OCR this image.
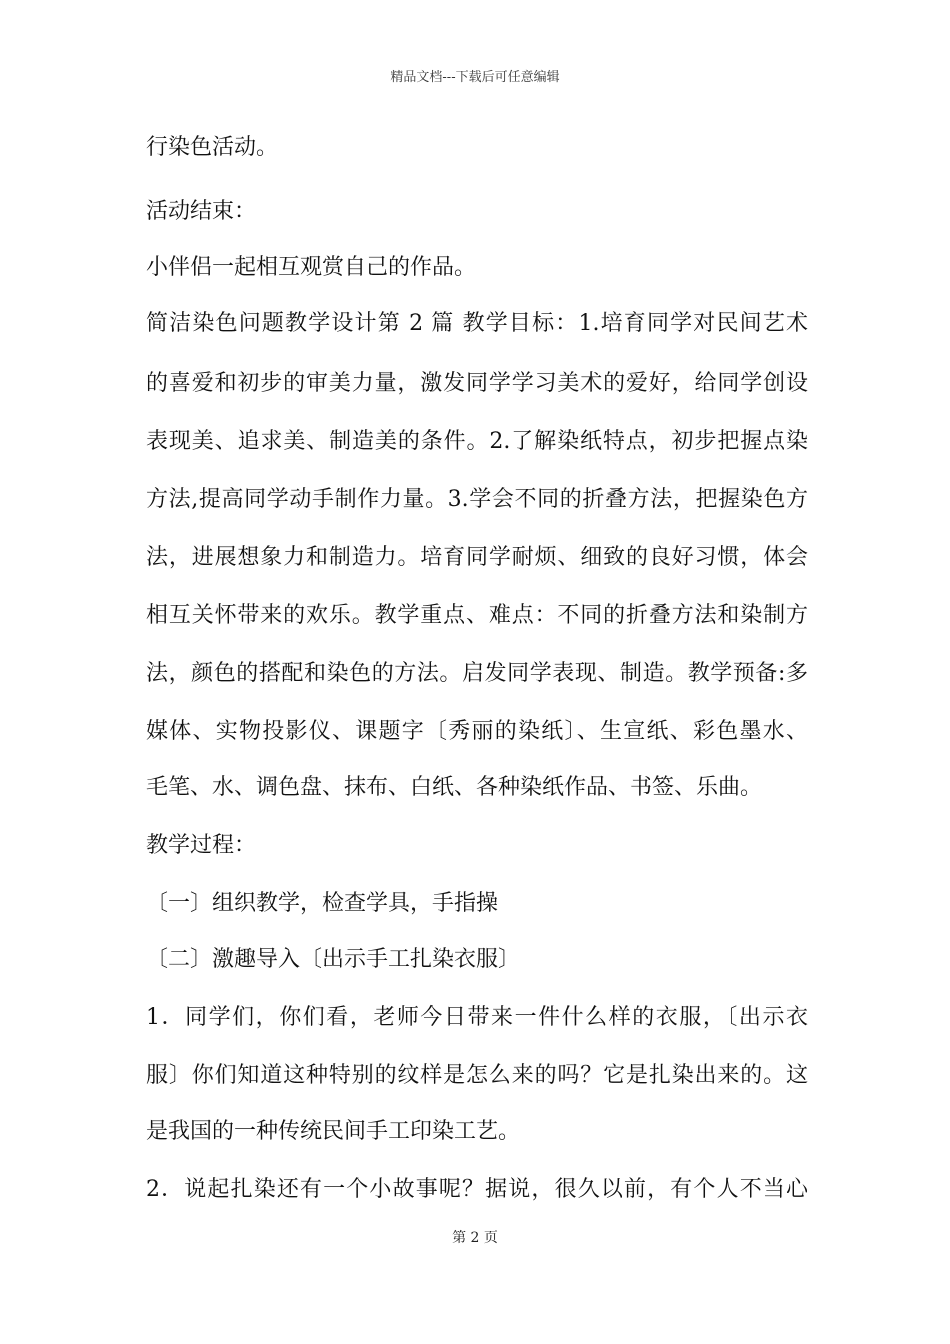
精品文档---下载后可任意编辑
行染色活动。
活动结束：
小伴侣一起相互观赏自己的作品。
简洁染色问题教学设计第 2 篇 教学目标：1.培育同学对民间艺术
的喜爱和初步的审美力量，激发同学学习美术的爱好，给同学创设
表现美、追求美、制造美的条件。2.了解染纸特点，初步把握点染
方法,提高同学动手制作力量。3.学会不同的折叠方法，把握染色方
法，进展想象力和制造力。培育同学耐烦、细致的良好习惯，体会
相互关怀带来的欢乐。教学重点、难点：不同的折叠方法和染制方
法，颜色的搭配和染色的方法。启发同学表现、制造。教学预备:多
媒体、实物投影仪、课题字〔秀丽的染纸〕、生宣纸、彩色墨水、
毛笔、水、调色盘、抹布、白纸、各种染纸作品、书签、乐曲。
教学过程：
〔一〕组织教学，检查学具，手指操
〔二〕激趣导入〔出示手工扎染衣服〕
1．同学们，你们看，老师今日带来一件什么样的衣服，〔出示衣
服〕你们知道这种特别的纹样是怎么来的吗？它是扎染出来的。这
是我国的一种传统民间手工印染工艺。
2．说起扎染还有一个小故事呢？据说，很久以前，有个人不当心
第 2 页
